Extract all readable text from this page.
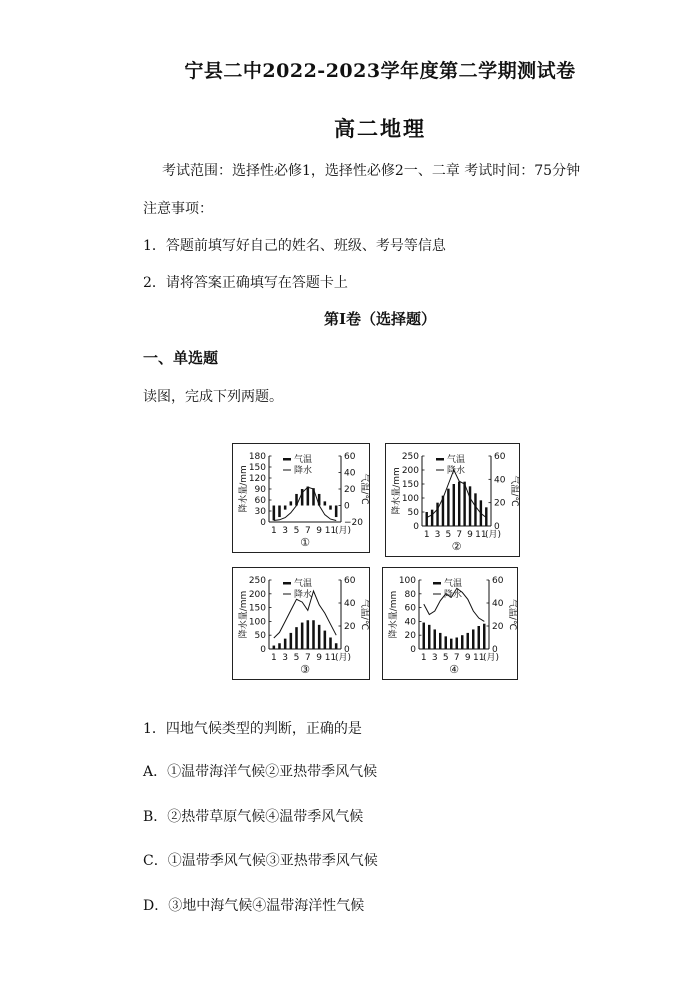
宁县二中2022-2023学年度第二学期测试卷
高二地理
考试范围：选择性必修1，选择性必修2一、二章 考试时间：75分钟
注意事项：
1．答题前填写好自己的姓名、班级、考号等信息
2．请将答案正确填写在答题卡上
第I卷（选择题）
一、单选题
读图，完成下列两题。
180
150
120
90
60
30
0
60
40
20
0
−20
降水量/mm	气温/℃
1 3 5 7 9 11
(月)
①
气温
降水
250
200
150
100
50
0
60
40
20
0
降水量/mm	气温/℃
1 3 5 7 9 11
(月)
②
气温
降水
250
200
150
100
50
0
60
40
20
0
降水量/mm	气温/℃
1 3 5 7 9 11
(月)
③
气温
降水
100
80
60
40
20
0
60
40
20
0
降水量/mm	气温/℃
1 3 5 7 9 11
(月)
④
气温
降水
1．四地气候类型的判断，正确的是
A．①温带海洋气候②亚热带季风气候
B．②热带草原气候④温带季风气候
C．①温带季风气候③亚热带季风气候
D．③地中海气候④温带海洋性气候
